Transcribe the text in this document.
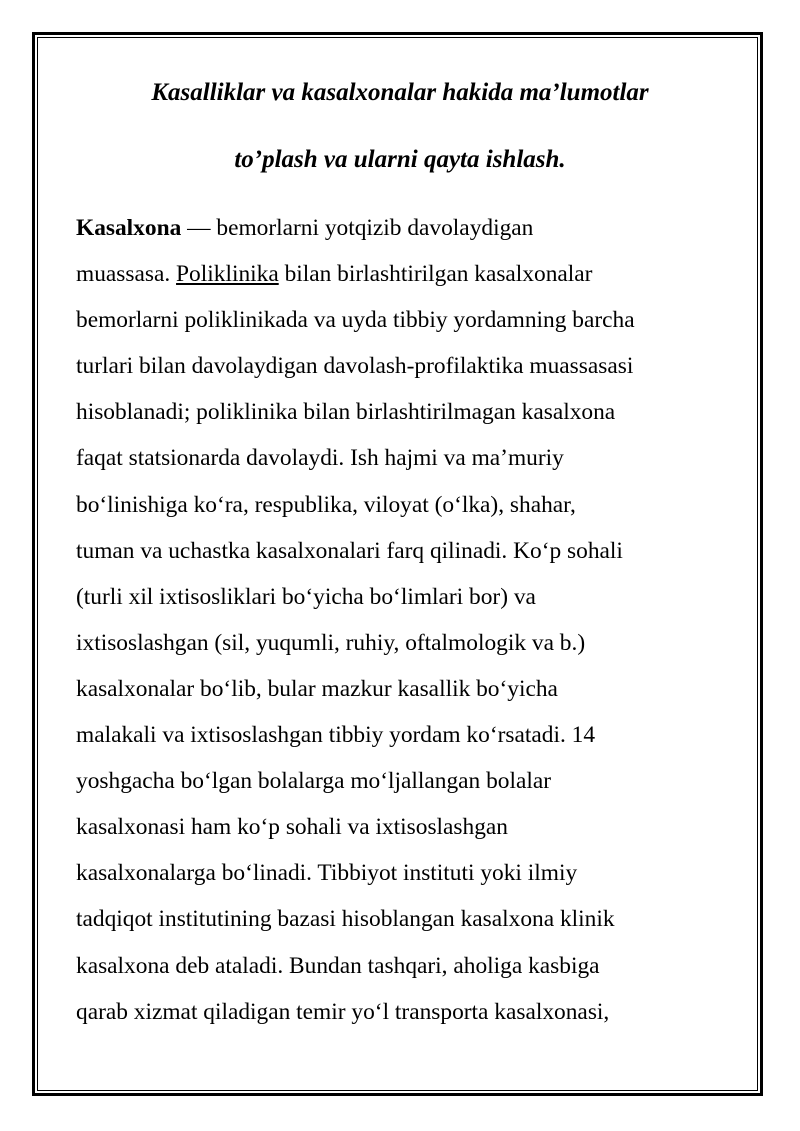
Kasalliklar va kasalxonalar hakida ma’lumotlar
to’plash va ularni qayta ishlash.
Kasalxona — bemorlarni yotqizib davolaydigan
muassasa. Poliklinika bilan birlashtirilgan kasalxonalar
bemorlarni poliklinikada va uyda tibbiy yordamning barcha
turlari bilan davolaydigan davolash-profilaktika muassasasi
hisoblanadi; poliklinika bilan birlashtirilmagan kasalxona
faqat statsionarda davolaydi. Ish hajmi va ma’muriy
boʻlinishiga koʻra, respublika, viloyat (oʻlka), shahar,
tuman va uchastka kasalxonalari farq qilinadi. Koʻp sohali
(turli xil ixtisosliklari boʻyicha boʻlimlari bor) va
ixtisoslashgan (sil, yuqumli, ruhiy, oftalmologik va b.)
kasalxonalar boʻlib, bular mazkur kasallik boʻyicha
malakali va ixtisoslashgan tibbiy yordam koʻrsatadi. 14
yoshgacha boʻlgan bolalarga moʻljallangan bolalar
kasalxonasi ham koʻp sohali va ixtisoslashgan
kasalxonalarga boʻlinadi. Tibbiyot instituti yoki ilmiy
tadqiqot institutining bazasi hisoblangan kasalxona klinik
kasalxona deb ataladi. Bundan tashqari, aholiga kasbiga
qarab xizmat qiladigan temir yoʻl transporta kasalxonasi,
